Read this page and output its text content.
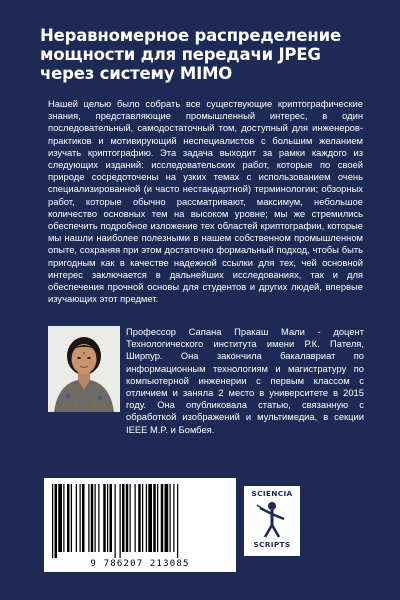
Неравномерное распределение
мощности для передачи JPEG
через систему MIMO

Нашей целью было собрать все существующие криптографические знания, представляющие промышленный интерес, в один последовательный, самодостаточный том, доступный для инженеров-практиков и мотивирующий неспециалистов с большим желанием изучать криптографию. Эта задача выходит за рамки каждого из следующих изданий: исследовательских работ, которые по своей природе сосредоточены на узких темах с использованием очень специализированной (и часто нестандартной) терминологии; обзорных работ, которые обычно рассматривают, максимум, небольшое количество основных тем на высоком уровне; мы же стремились обеспечить подробное изложение тех областей криптографии, которые мы нашли наиболее полезными в нашем собственном промышленном опыте, сохраняя при этом достаточно формальный подход, чтобы быть пригодным как в качестве надежной ссылки для тех, чей основной интерес заключается в дальнейших исследованиях, так и для обеспечения прочной основы для студентов и других людей, впервые изучающих этот предмет.

Профессор Сапана Пракаш Мали - доцент Технологического института имени Р.К. Пателя, Ширпур. Она закончила бакалавриат по информационным технологиям и магистратуру по компьютерной инженерии с первым классом с отличием и заняла 2 место в университете в 2015 году. Она опубликовала статью, связанную с обработкой изображений и мультимедиа, в секции IEEE M.P. и Бомбея.

9 786207 213085
SCIENCIA
SCRIPTS
